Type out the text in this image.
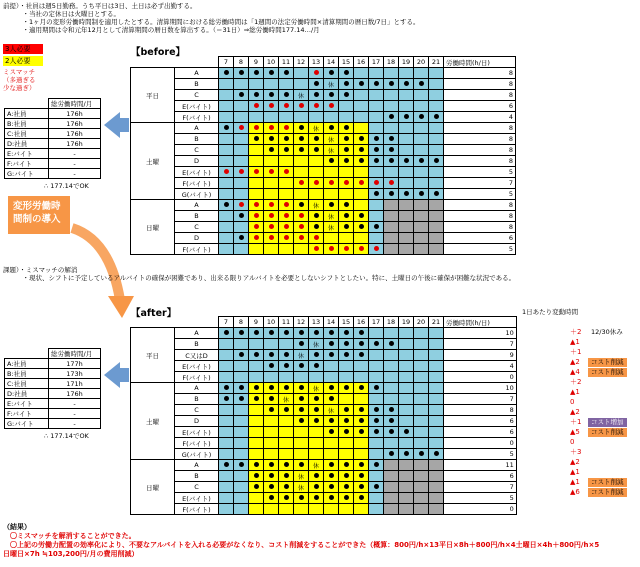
前提）・社員は週5日勤務。うち平日は3日、土日は必ず出勤する。
　　　・当社の定休日は火曜日とする。
　　　・1ヶ月の変形労働時間制を適用したとする。清算期間における総労働時間は「1週間の法定労働時間×清算期間の暦日数/7日」とする。
　　　・適用期間は令和元年12月として清算期間の暦日数を算出する。（＝31日）⇒総労働時間177.14…/月
3人必要
2人必要
ミスマッチ
（多過ぎる
少な過ぎ）
【before】
	総労働時間/月
A:社員	176h
B:社員	176h
C:社員	176h
D:社員	176h
E:バイト	-
F:バイト	-
G:バイト	-
∴ 177.14でOK
		7	8	9	10	11	12	13	14	15	16	17	18	19	20	21	労働時間(h/日)	
平日	A																	8
	B								休									8
	C						休											8
	E(バイト)																	6
	F(バイト)																	4
土曜	A							休										8
	B								休									8
	C								休									8
	D																	8
	E(バイト)																	5
	F(バイト)																	7
	G(バイト)																	5
日曜	A							休										8
	B								休									8
	C								休									8
	D																	6
	F(バイト)																	5
変形労働時
間制の導入
課題）・ミスマッチの解消
　　　・現状、シフトに予定しているアルバイトの確保が困難であり、出来る限りアルバイトを必要としないシフトとしたい。特に、土曜日の午後に確保が困難な状況である。
【after】
	総労働時間/月
A:社員	177h
B:社員	173h
C:社員	171h
D:社員	176h
E:バイト	-
F:バイト	-
G:バイト	-
∴ 177.14でOK
		7	8	9	10	11	12	13	14	15	16	17	18	19	20	21	労働時間(h/日)	
平日	A																	10
	B							休										7
	C又はD						休											9
	E(バイト)																	4
	F(バイト)																	0
土曜	A							休										10
	B					休												7
	C								休									8
	D																	6
	E(バイト)																	6
	F(バイト)																	0
	G(バイト)																	5
日曜	A							休										11
	B						休											6
	C						休											7
	E(バイト)																	5
	F(バイト)																	0
1日あたり変動時間
＋2 12/30休み
▲1
＋1
▲2 コスト削減
▲4 コスト削減
＋2
▲1
0
▲2
＋1 コスト増加
▲5 コスト削減
0
＋3
▲2
▲1
▲1 コスト削減
▲6 コスト削減
（結果）
　〇ミスマッチを解消することができた。
　〇上記の労働力配置の効率化により、不要なアルバイトを入れる必要がなくなり、コスト削減をすることができた（概算：800円/h×13平日×8h＋800円/h×4土曜日×4h＋800円/h×5
日曜日×7h ≒103,200円/月の費用削減）
